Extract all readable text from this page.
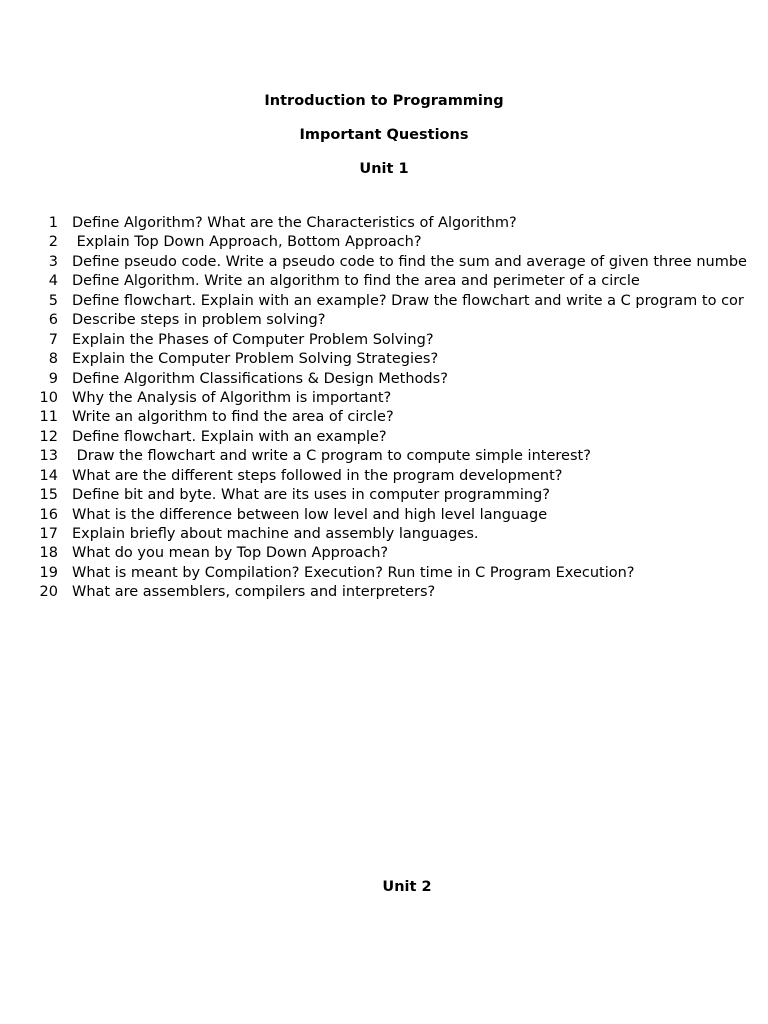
Introduction to Programming
Important Questions
Unit 1
1 Define Algorithm? What are the Characteristics of Algorithm?
2 Explain Top Down Approach, Bottom Approach?
3 Define pseudo code. Write a pseudo code to find the sum and average of given three numbe
4 Define Algorithm. Write an algorithm to find the area and perimeter of a circle
5 Define flowchart. Explain with an example? Draw the flowchart and write a C program to cor
6 Describe steps in problem solving?
7 Explain the Phases of Computer Problem Solving?
8 Explain the Computer Problem Solving Strategies?
9 Define Algorithm Classifications & Design Methods?
10 Why the Analysis of Algorithm is important?
11 Write an algorithm to find the area of circle?
12 Define flowchart. Explain with an example?
13 Draw the flowchart and write a C program to compute simple interest?
14 What are the different steps followed in the program development?
15 Define bit and byte. What are its uses in computer programming?
16 What is the difference between low level and high level language
17 Explain briefly about machine and assembly languages.
18 What do you mean by Top Down Approach?
19 What is meant by Compilation? Execution? Run time in C Program Execution?
20 What are assemblers, compilers and interpreters?
Unit 2
